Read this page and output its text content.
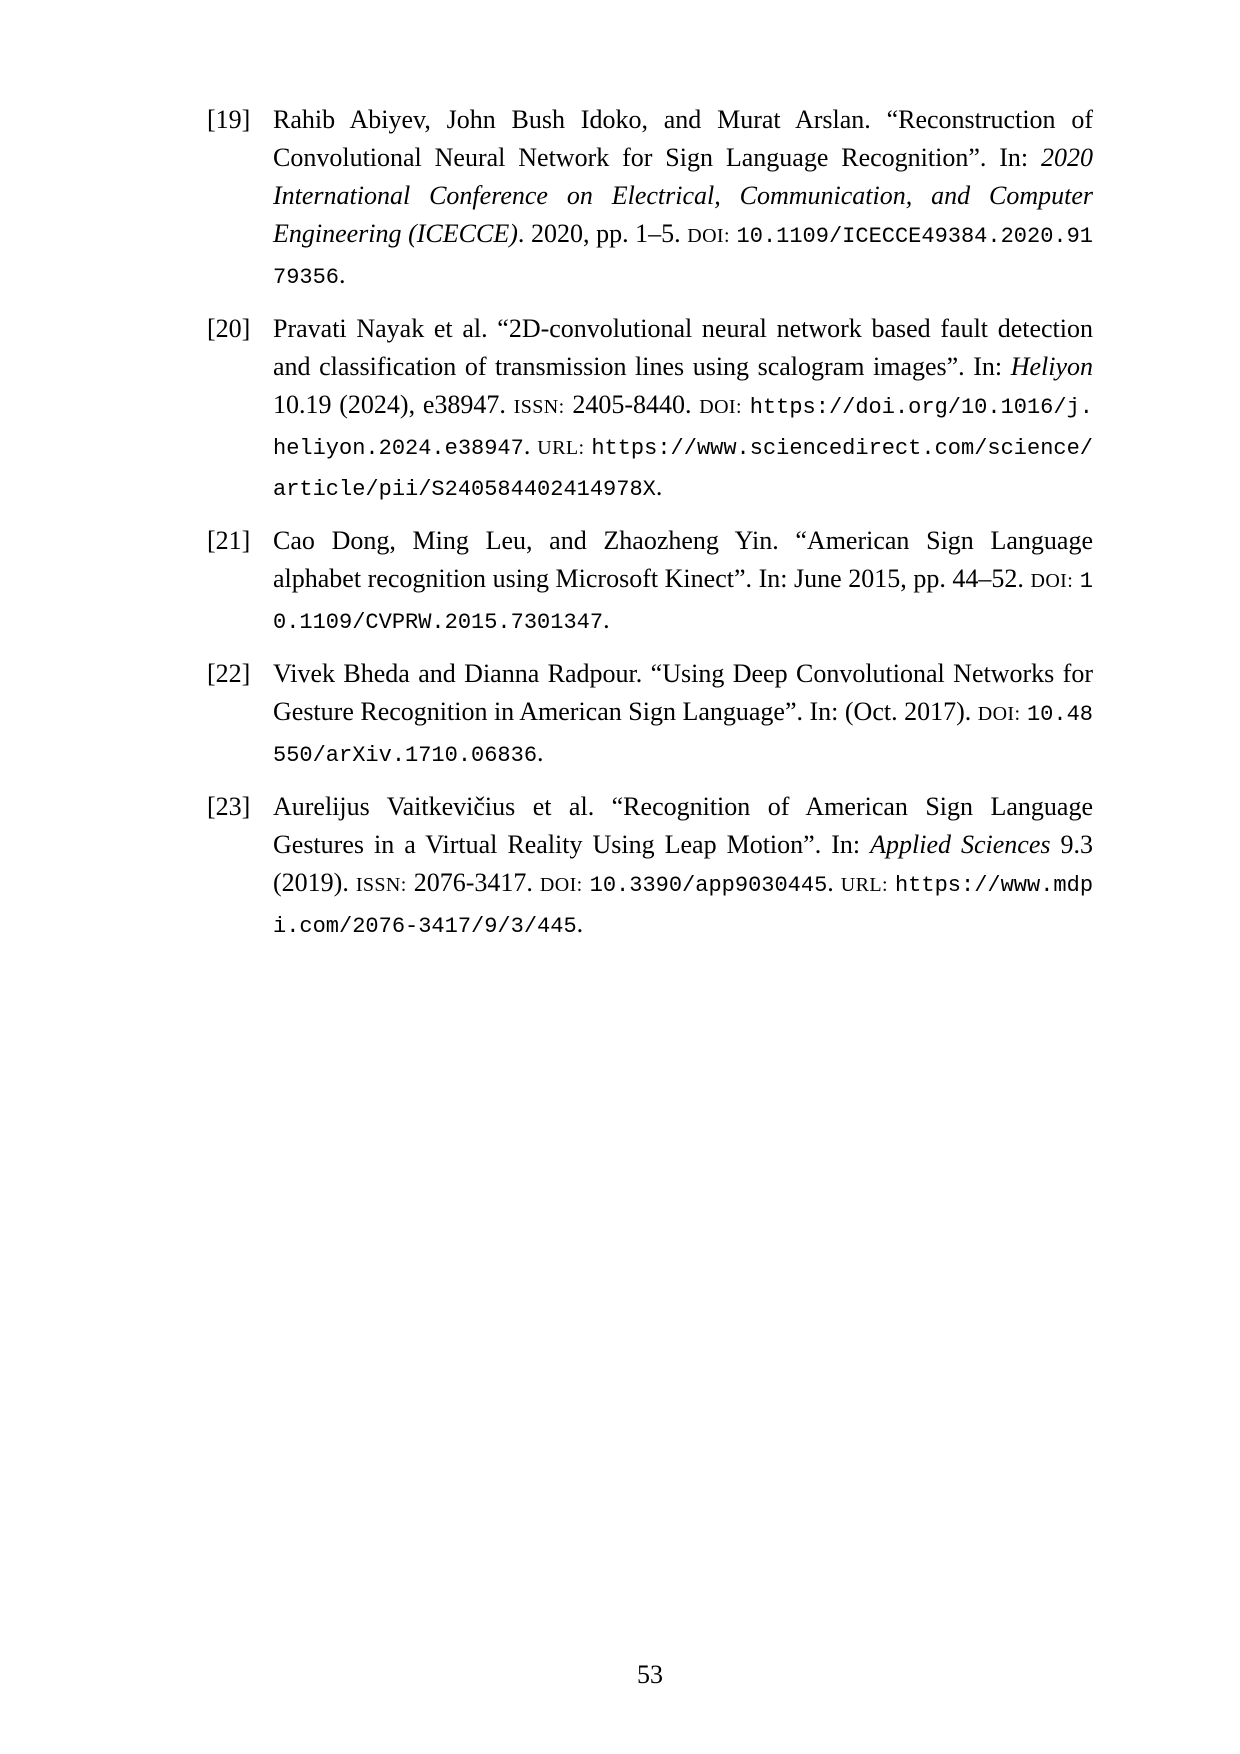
[19] Rahib Abiyev, John Bush Idoko, and Murat Arslan. “Reconstruction of Convolutional Neural Network for Sign Language Recognition”. In: 2020 International Conference on Electrical, Communication, and Computer Engineering (ICECCE). 2020, pp. 1–5. DOI: 10.1109/ICECCE49384.2020.9179356.
[20] Pravati Nayak et al. “2D-convolutional neural network based fault detection and classification of transmission lines using scalogram images”. In: Heliyon 10.19 (2024), e38947. ISSN: 2405-8440. DOI: https://doi.org/10.1016/j.heliyon.2024.e38947. URL: https://www.sciencedirect.com/science/article/pii/S240584402414978X.
[21] Cao Dong, Ming Leu, and Zhaozheng Yin. “American Sign Language alphabet recognition using Microsoft Kinect”. In: June 2015, pp. 44–52. DOI: 10.1109/CVPRW.2015.7301347.
[22] Vivek Bheda and Dianna Radpour. “Using Deep Convolutional Networks for Gesture Recognition in American Sign Language”. In: (Oct. 2017). DOI: 10.48550/arXiv.1710.06836.
[23] Aurelijus Vaitkevičius et al. “Recognition of American Sign Language Gestures in a Virtual Reality Using Leap Motion”. In: Applied Sciences 9.3 (2019). ISSN: 2076-3417. DOI: 10.3390/app9030445. URL: https://www.mdpi.com/2076-3417/9/3/445.
53
